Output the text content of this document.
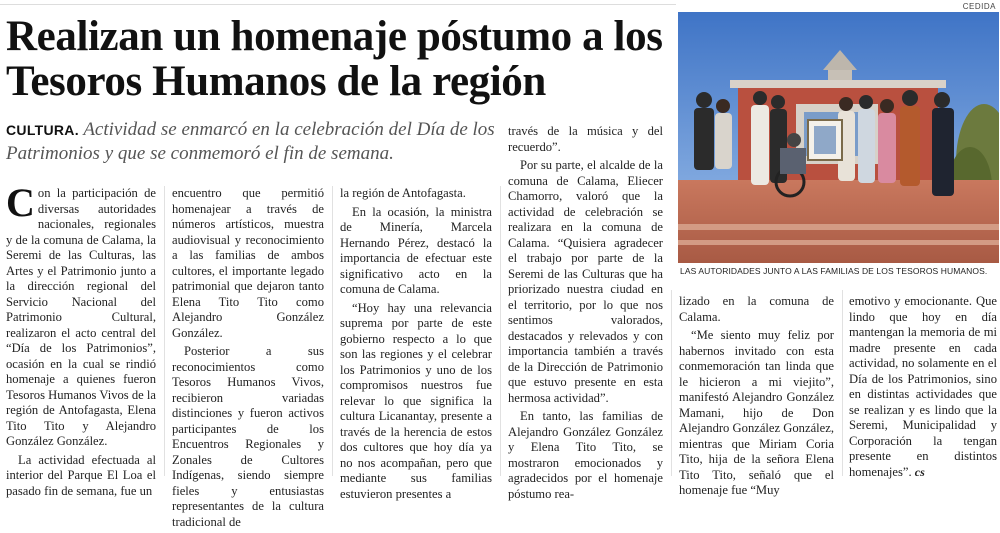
Realizan un homenaje póstumo a los Tesoros Humanos de la región
CULTURA. Actividad se enmarcó en la celebración del Día de los Patrimonios y que se conmemoró el fin de semana.

Con la participación de diversas autoridades nacionales, regionales y de la comuna de Calama, la Seremi de las Culturas, las Artes y el Patrimonio junto a la dirección regional del Servicio Nacional del Patrimonio Cultural, realizaron el acto central del “Día de los Patrimonios”, ocasión en la cual se rindió homenaje a quienes fueron Tesoros Humanos Vivos de la región de Antofagasta, Elena Tito Tito y Alejandro González González.

La actividad efectuada al interior del Parque El Loa el pasado fin de semana, fue un

encuentro que permitió homenajear a través de números artísticos, muestra audiovisual y reconocimiento a las familias de ambos cultores, el importante legado patrimonial que dejaron tanto Elena Tito Tito como Alejandro González González.

Posterior a sus reconocimientos como Tesoros Humanos Vivos, recibieron variadas distinciones y fueron activos participantes de los Encuentros Regionales y Zonales de Cultores Indígenas, siendo siempre fieles y entusiastas representantes de la cultura tradicional de

la región de Antofagasta.

En la ocasión, la ministra de Minería, Marcela Hernando Pérez, destacó la importancia de efectuar este significativo acto en la comuna de Calama.

“Hoy hay una relevancia suprema por parte de este gobierno respecto a lo que son las regiones y el celebrar los Patrimonios y uno de los compromisos nuestros fue relevar lo que significa la cultura Licanantay, presente a través de la herencia de estos dos cultores que hoy día ya no nos acompañan, pero que mediante sus familias estuvieron presentes a

través de la música y del recuerdo”.

Por su parte, el alcalde de la comuna de Calama, Eliecer Chamorro, valoró que la actividad de celebración se realizara en la comuna de Calama. “Quisiera agradecer el trabajo por parte de la Seremi de las Culturas que ha priorizado nuestra ciudad en el territorio, por lo que nos sentimos valorados, destacados y relevados y con importancia también a través de la Dirección de Patrimonio que estuvo presente en esta hermosa actividad”.

En tanto, las familias de Alejandro González González y Elena Tito Tito, se mostraron emocionados y agradecidos por el homenaje póstumo rea-

lizado en la comuna de Calama.

“Me siento muy feliz por habernos invitado con esta conmemoración tan linda que le hicieron a mi viejito”, manifestó Alejandro González Mamani, hijo de Don Alejandro González González, mientras que Miriam Coria Tito, hija de la señora Elena Tito Tito, señaló que el homenaje fue “Muy

emotivo y emocionante. Que lindo que hoy en día mantengan la memoria de mi madre presente en cada actividad, no solamente en el Día de los Patrimonios, sino en distintas actividades que se realizan y es lindo que la Seremi, Municipalidad y Corporación la tengan presente en distintos homenajes”. cs

CEDIDA
LAS AUTORIDADES JUNTO A LAS FAMILIAS DE LOS TESOROS HUMANOS.
